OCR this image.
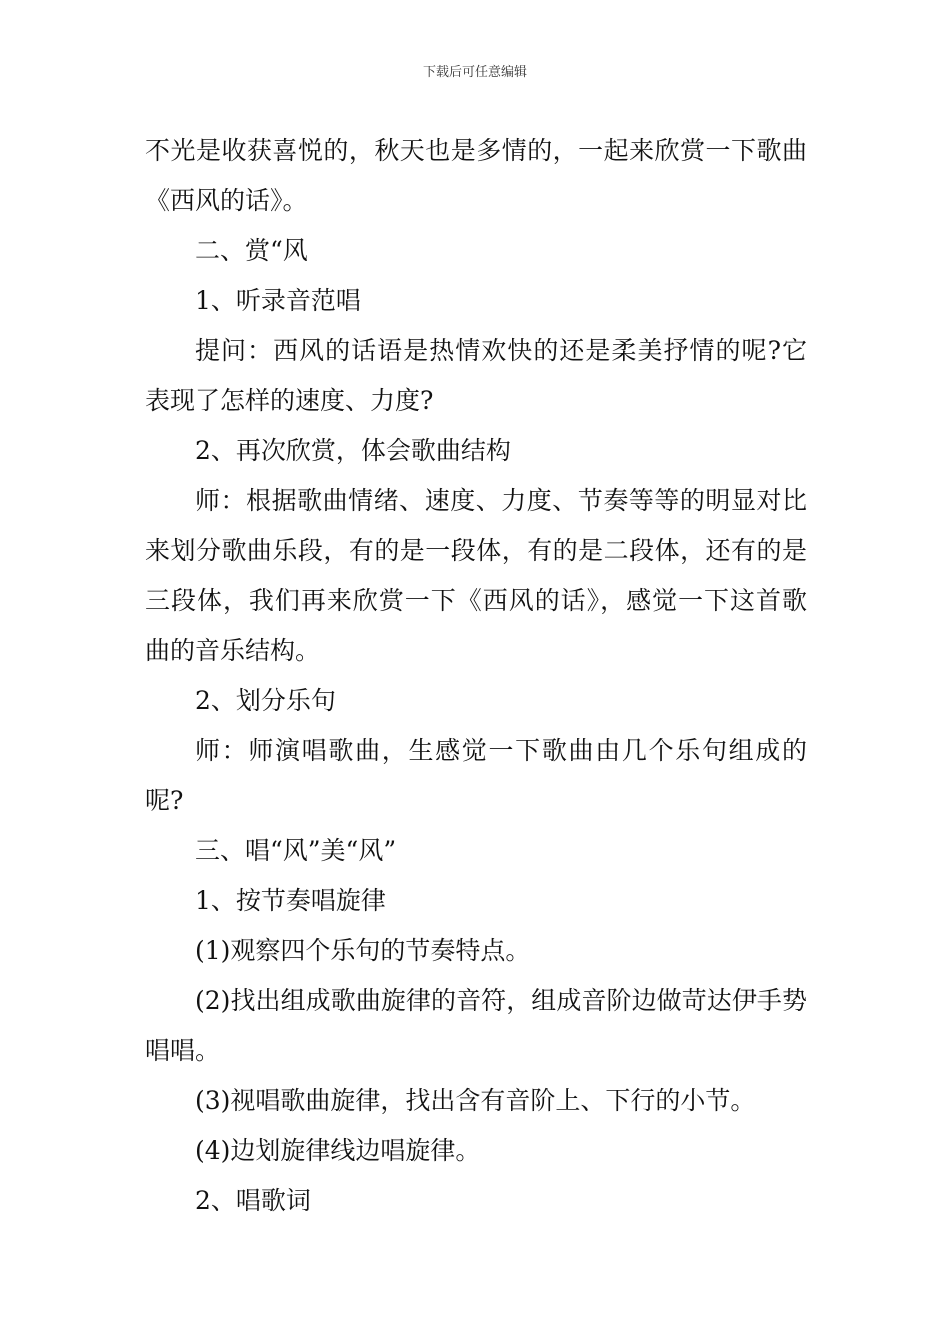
下载后可任意编辑

不光是收获喜悦的，秋天也是多情的，一起来欣赏一下歌曲《西风的话》。

二、赏“风

1、听录音范唱

提问：西风的话语是热情欢快的还是柔美抒情的呢?它表现了怎样的速度、力度?

2、再次欣赏，体会歌曲结构

师：根据歌曲情绪、速度、力度、节奏等等的明显对比来划分歌曲乐段，有的是一段体，有的是二段体，还有的是三段体，我们再来欣赏一下《西风的话》，感觉一下这首歌曲的音乐结构。

2、划分乐句

师：师演唱歌曲，生感觉一下歌曲由几个乐句组成的呢?

三、唱“风”美“风”

1、按节奏唱旋律

(1)观察四个乐句的节奏特点。

(2)找出组成歌曲旋律的音符，组成音阶边做苛达伊手势唱唱。

(3)视唱歌曲旋律，找出含有音阶上、下行的小节。

(4)边划旋律线边唱旋律。

2、唱歌词
